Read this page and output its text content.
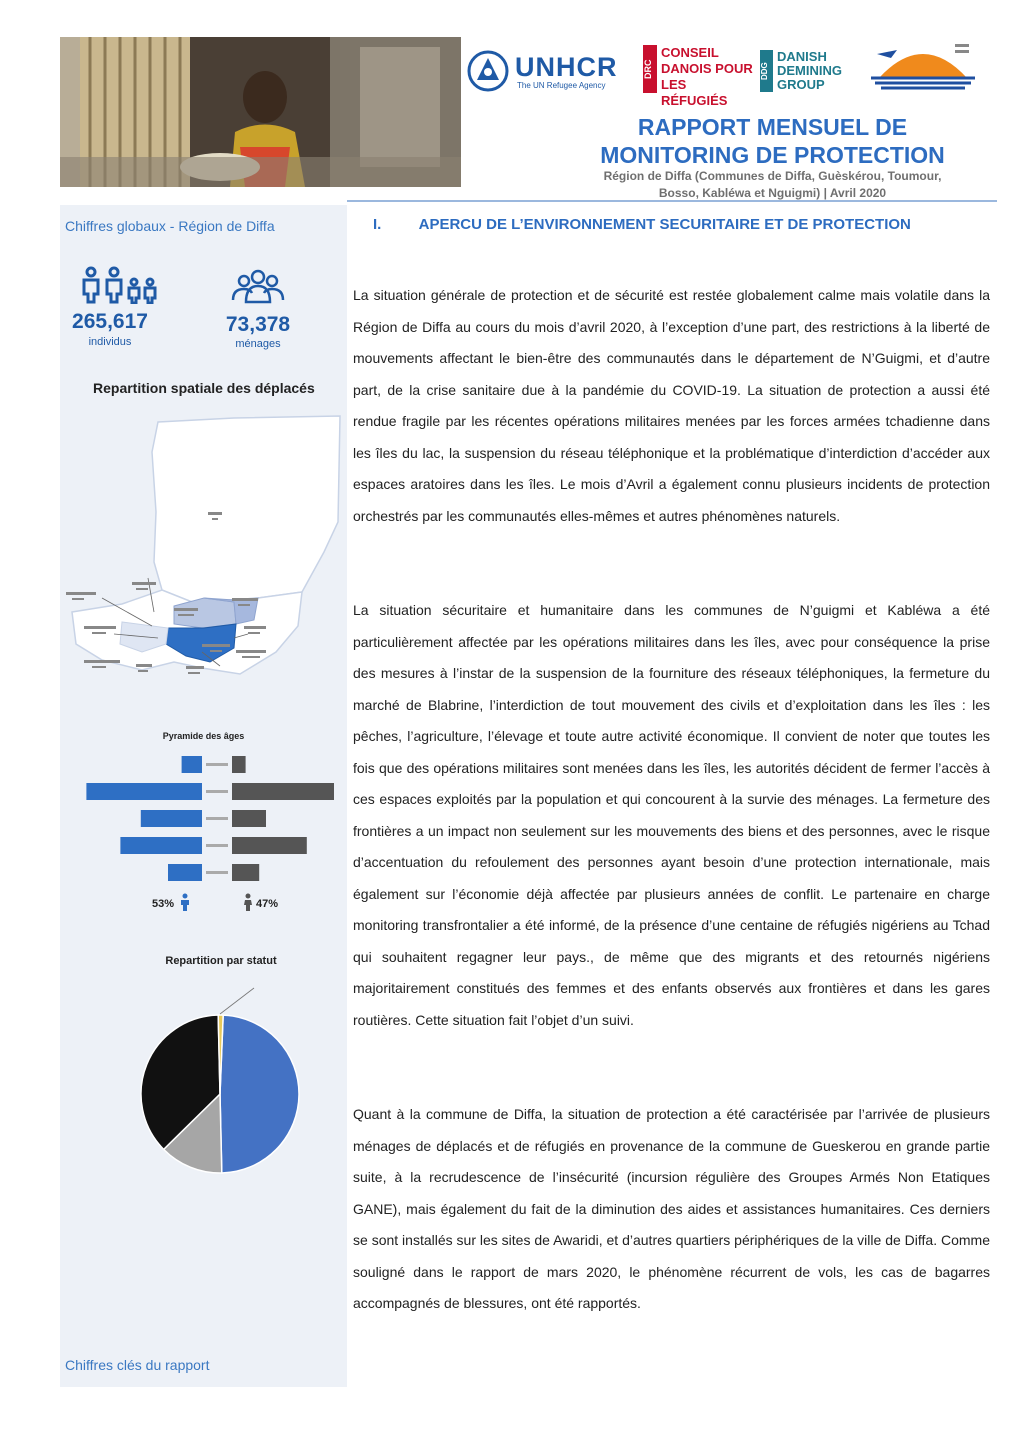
UNHCR
The UN Refugee Agency
DRC
CONSEIL
DANOIS POUR
LES RÉFUGIÉS
DDG
DANISH
DEMINING
GROUP
RAPPORT MENSUEL DE
MONITORING DE PROTECTION
Région de Diffa (Communes de Diffa, Guèskérou, Toumour,
Bosso, Kabléwa et Nguigmi) | Avril 2020
Chiffres globaux - Région de Diffa
265,617
individus
73,378
ménages
Repartition spatiale des déplacés
Pyramide des âges
53%	47%
Repartition par statut
Chiffres clés du rapport
I. APERCU DE L’ENVIRONNEMENT SECURITAIRE ET DE PROTECTION

La situation générale de protection et de sécurité est restée globalement calme mais volatile dans la Région de Diffa au cours du mois d’avril 2020, à l’exception d’une part, des restrictions à la liberté de mouvements affectant le bien-être des communautés dans le département de N’Guigmi, et d’autre part, de la crise sanitaire due à la pandémie du COVID-19. La situation de protection a aussi été rendue fragile par les récentes opérations militaires menées par les forces armées tchadienne dans les îles du lac, la suspension du réseau téléphonique et la problématique d’interdiction d’accéder aux espaces aratoires dans les îles. Le mois d’Avril a également connu plusieurs incidents de protection orchestrés par les communautés elles-mêmes et autres phénomènes naturels.

La situation sécuritaire et humanitaire dans les communes de N’guigmi et Kabléwa a été particulièrement affectée par les opérations militaires dans les îles, avec pour conséquence la prise des mesures à l’instar de la suspension de la fourniture des réseaux téléphoniques, la fermeture du marché de Blabrine, l’interdiction de tout mouvement des civils et d’exploitation dans les îles : les pêches, l’agriculture, l’élevage et toute autre activité économique. Il convient de noter que toutes les fois que des opérations militaires sont menées dans les îles, les autorités décident de fermer l’accès à ces espaces exploités par la population et qui concourent à la survie des ménages. La fermeture des frontières a un impact non seulement sur les mouvements des biens et des personnes, avec le risque d’accentuation du refoulement des personnes ayant besoin d’une protection internationale, mais également sur l’économie déjà affectée par plusieurs années de conflit. Le partenaire en charge monitoring transfrontalier a été informé, de la présence d’une centaine de réfugiés nigériens au Tchad qui souhaitent regagner leur pays., de même que des migrants et des retournés nigériens majoritairement constitués des femmes et des enfants observés aux frontières et dans les gares routières. Cette situation fait l’objet d’un suivi.

Quant à la commune de Diffa, la situation de protection a été caractérisée par l’arrivée de plusieurs ménages de déplacés et de réfugiés en provenance de la commune de Gueskerou en grande partie suite, à la recrudescence de l’insécurité (incursion régulière des Groupes Armés Non Etatiques GANE), mais également du fait de la diminution des aides et assistances humanitaires. Ces derniers se sont installés sur les sites de Awaridi, et d’autres quartiers périphériques de la ville de Diffa. Comme souligné dans le rapport de mars 2020, le phénomène récurrent de vols, les cas de bagarres accompagnés de blessures, ont été rapportés.
